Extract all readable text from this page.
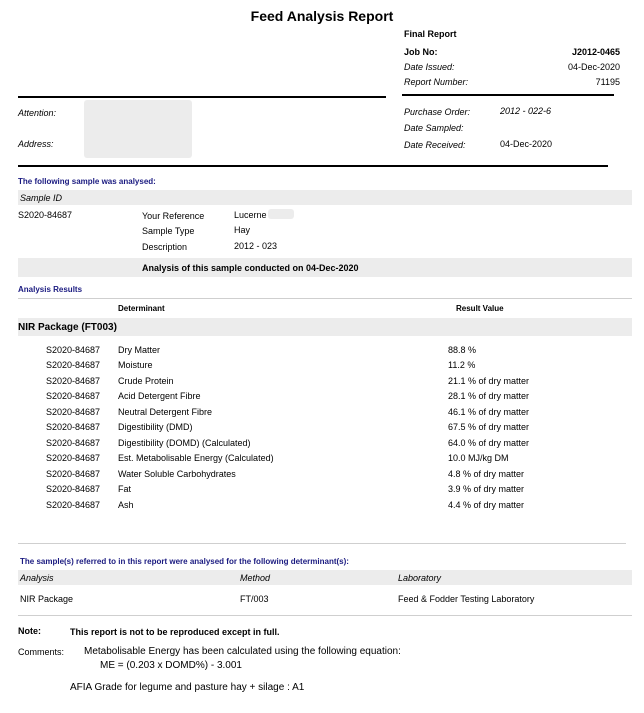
Feed Analysis Report
Final Report
Job No:	J2012-0465
Date Issued:	04-Dec-2020
Report Number:	71195
Attention:
Address:
Purchase Order:	2012 - 022-6
Date Sampled:
Date Received:	04-Dec-2020
The following sample was analysed:
Sample ID
S2020-84687	Your Reference	Lucerne
Sample Type	Hay
Description	2012 - 023
Analysis of this sample conducted on 04-Dec-2020
Analysis Results
Determinant	Result Value
NIR Package (FT003)
S2020-84687 Dry Matter	88.8 %
S2020-84687 Moisture	11.2 %
S2020-84687 Crude Protein	21.1 % of dry matter
S2020-84687 Acid Detergent Fibre	28.1 % of dry matter
S2020-84687 Neutral Detergent Fibre	46.1 % of dry matter
S2020-84687 Digestibility (DMD)	67.5 % of dry matter
S2020-84687 Digestibility (DOMD) (Calculated)	64.0 % of dry matter
S2020-84687 Est. Metabolisable Energy (Calculated)	10.0 MJ/kg DM
S2020-84687 Water Soluble Carbohydrates	4.8 % of dry matter
S2020-84687 Fat	3.9 % of dry matter
S2020-84687 Ash	4.4 % of dry matter
The sample(s) referred to in this report were analysed for the following determinant(s):
Analysis	Method	Laboratory
NIR Package	FT/003	Feed & Fodder Testing Laboratory
Note:	This report is not to be reproduced except in full.
Comments: Metabolisable Energy has been calculated using the following equation:
ME = (0.203 x DOMD%) - 3.001
AFIA Grade for legume and pasture hay + silage : A1
